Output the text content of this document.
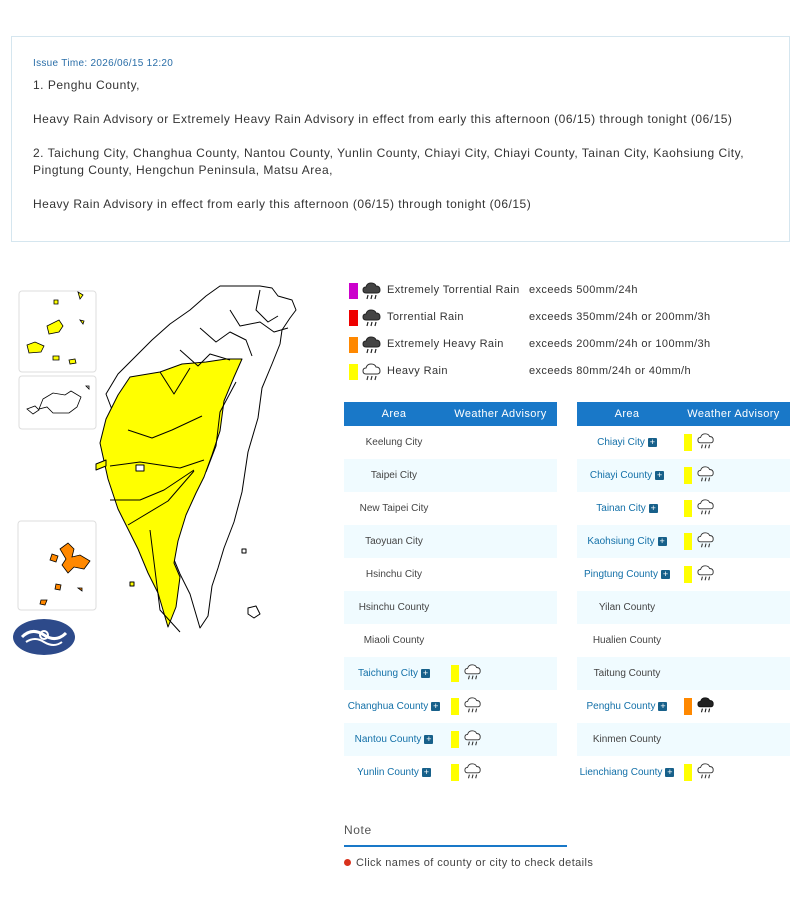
Issue Time: 2026/06/15 12:20

1. Penghu County,

Heavy Rain Advisory or Extremely Heavy Rain Advisory in effect from early this afternoon (06/15) through tonight (06/15)

2. Taichung City, Changhua County, Nantou County, Yunlin County, Chiayi City, Chiayi County, Tainan City, Kaohsiung City, Pingtung County, Hengchun Peninsula, Matsu Area,

Heavy Rain Advisory in effect from early this afternoon (06/15) through tonight (06/15)

Extremely Torrential Rain exceeds 500mm/24h
Torrential Rain	exceeds 350mm/24h or 200mm/3h
Extremely Heavy Rain exceeds 200mm/24h or 100mm/3h
Heavy Rain	exceeds 80mm/24h or 40mm/h
Area	Weather Advisory
Keelung City	
Taipei City	
New Taipei City	
Taoyuan City	
Hsinchu City	
Hsinchu County	
Miaoli County	
Taichung City +	
Changhua County +	
Nantou County +	
Yunlin County +	
Area	Weather Advisory
Chiayi City +	
Chiayi County +	
Tainan City +	
Kaohsiung City +	
Pingtung County +	
Yilan County	
Hualien County	
Taitung County	
Penghu County +	
Kinmen County	
Lienchiang County +	
Note
Click names of county or city to check details
